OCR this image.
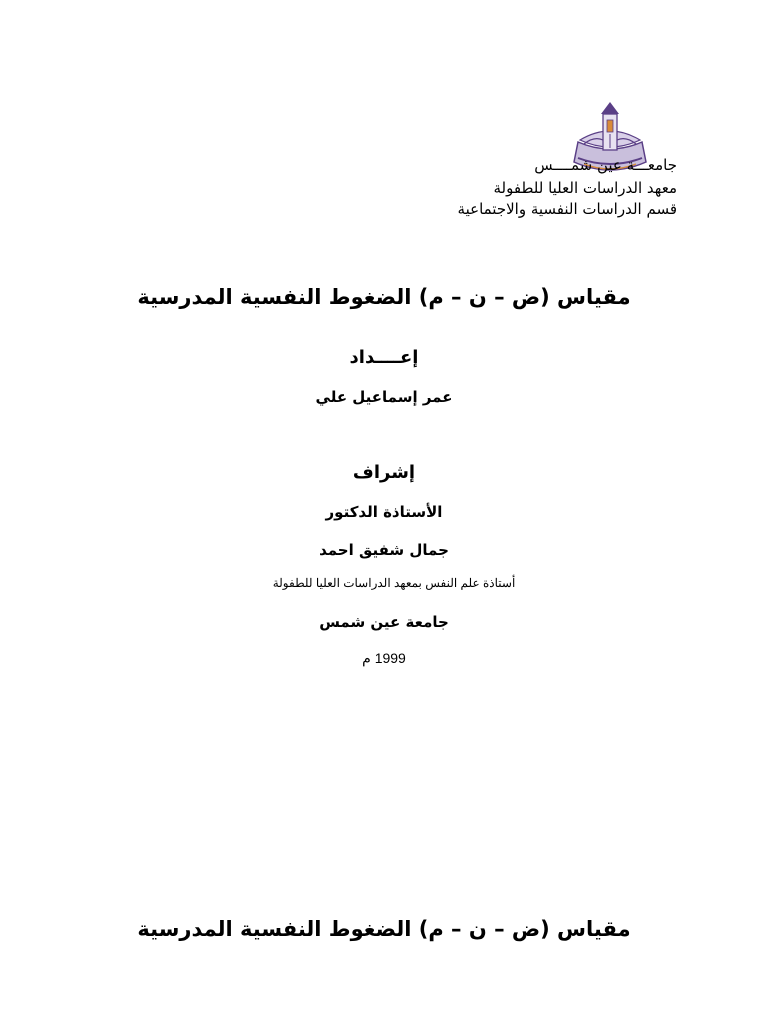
جامعـــة عين شمــــس
معهد الدراسات العليا للطفولة
قسم الدراسات النفسية والاجتماعية
مقياس (ض – ن – م) الضغوط النفسية المدرسية
إعــــداد
عمر إسماعيل علي
إشراف
الأستاذة الدكتور
جمال شفيق احمد
أستاذة علم النفس بمعهد الدراسات العليا للطفولة
جامعة عين شمس
1999 م
مقياس (ض – ن – م) الضغوط النفسية المدرسية
